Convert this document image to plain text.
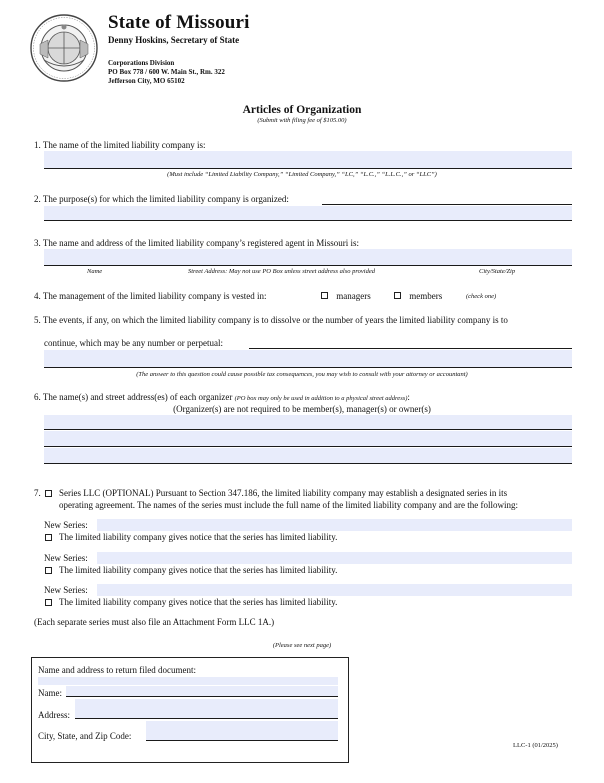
State of Missouri
Denny Hoskins, Secretary of State
Corporations Division
PO Box 778 / 600 W. Main St., Rm. 322
Jefferson City, MO 65102
Articles of Organization
(Submit with filing fee of $105.00)
1. The name of the limited liability company is:
(Must include “Limited Liability Company,” “Limited Company,” “LC,” “L.C.,” “L.L.C.,” or “LLC”)
2. The purpose(s) for which the limited liability company is organized:
3. The name and address of the limited liability company’s registered agent in Missouri is:
Name	Street Address: May not use PO Box unless street address also provided	City/State/Zip
4. The management of the limited liability company is vested in:	managers	members	(check one)
5. The events, if any, on which the limited liability company is to dissolve or the number of years the limited liability company is to
continue, which may be any number or perpetual:
(The answer to this question could cause possible tax consequences, you may wish to consult with your attorney or accountant)
6. The name(s) and street address(es) of each organizer (PO box may only be used in addition to a physical street address):
(Organizer(s) are not required to be member(s), manager(s) or owner(s)
7. Series LLC (OPTIONAL) Pursuant to Section 347.186, the limited liability company may establish a designated series in its
operating agreement. The names of the series must include the full name of the limited liability company and are the following:
New Series:
The limited liability company gives notice that the series has limited liability.
New Series:
The limited liability company gives notice that the series has limited liability.
New Series:
The limited liability company gives notice that the series has limited liability.
(Each separate series must also file an Attachment Form LLC 1A.)
(Please see next page)
Name and address to return filed document:
Name:
Address:
City, State, and Zip Code:
LLC-1 (01/2025)
